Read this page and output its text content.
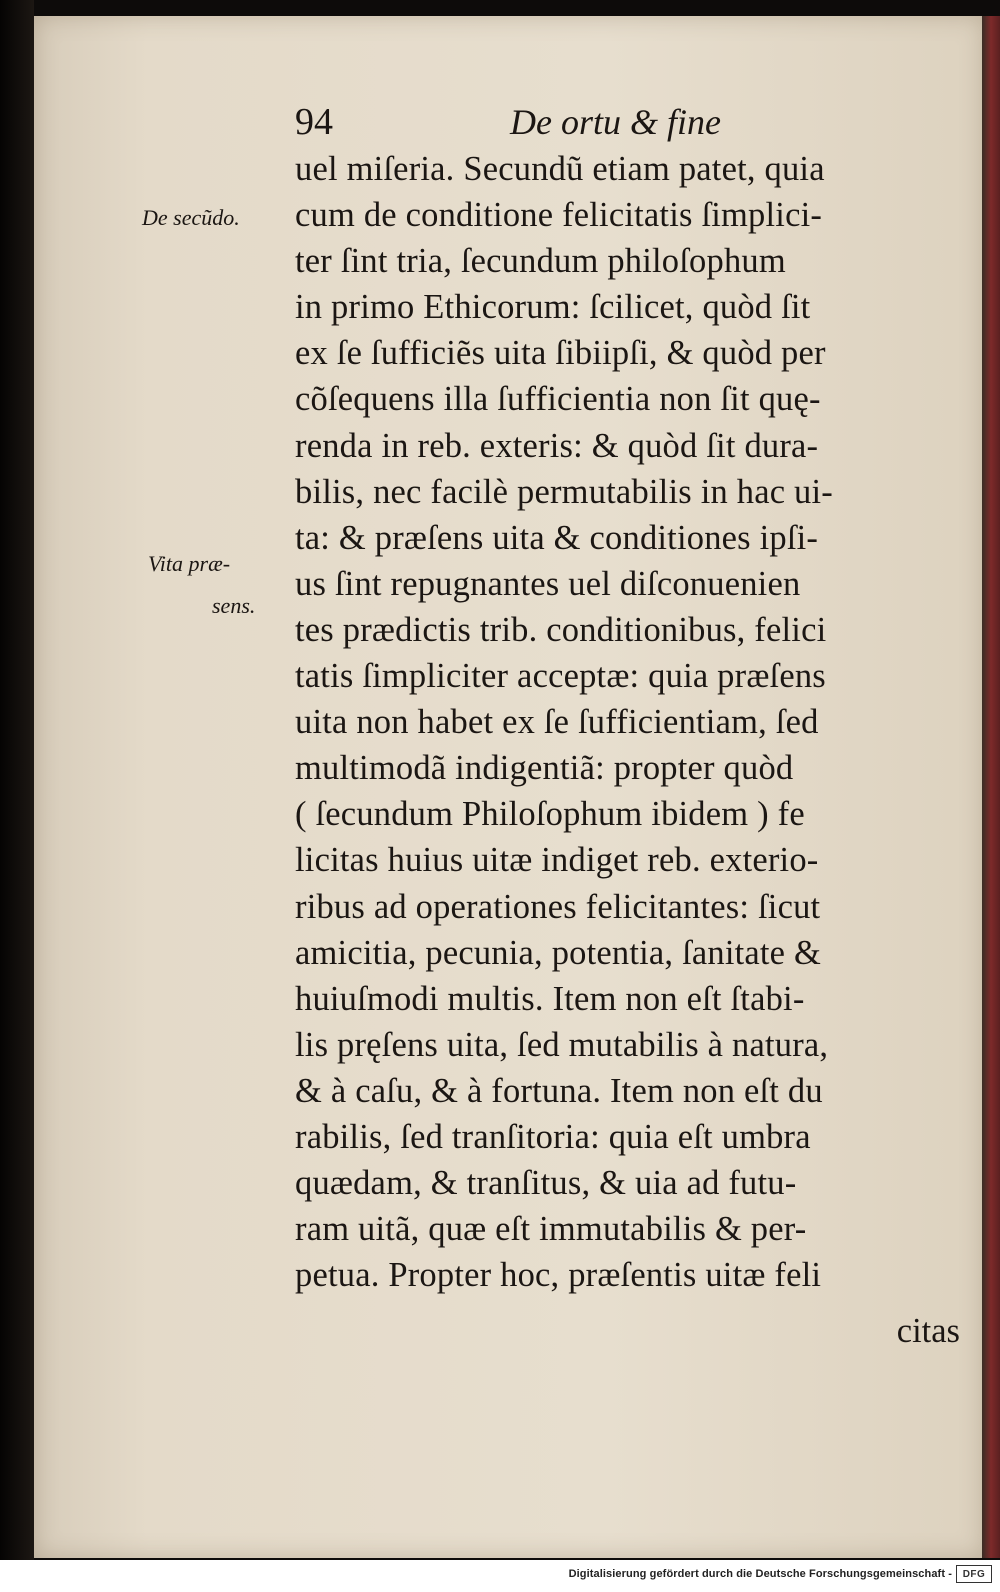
94	De ortu & fine
De secũdo.
Vita præ-
sens.
uel miſeria. Secundũ etiam patet, quia
cum de conditione felicitatis ſimplici-
ter ſint tria, ſecundum philoſophum
in primo Ethicorum: ſcilicet, quòd ſit
ex ſe ſufficiẽs uita ſibiipſi, & quòd per
cõſequens illa ſufficientia non ſit quę-
renda in reb. exteris: & quòd ſit dura-
bilis, nec facilè permutabilis in hac ui-
ta: & præſens uita & conditiones ipſi-
us ſint repugnantes uel diſconuenien
tes prædictis trib. conditionibus, felici
tatis ſimpliciter acceptæ: quia præſens
uita non habet ex ſe ſufficientiam, ſed
multimodã indigentiã: propter quòd
( ſecundum Philoſophum ibidem ) fe
licitas huius uitæ indiget reb. exterio-
ribus ad operationes felicitantes: ſicut
amicitia, pecunia, potentia, ſanitate &
huiuſmodi multis. Item non eſt ſtabi-
lis pręſens uita, ſed mutabilis à natura,
& à caſu, & à fortuna. Item non eſt du
rabilis, ſed tranſitoria: quia eſt umbra
quædam, & tranſitus, & uia ad futu-
ram uitã, quæ eſt immutabilis & per-
petua. Propter hoc, præſentis uitæ feli
citas
Digitalisierung gefördert durch die Deutsche Forschungsgemeinschaft -	DFG
